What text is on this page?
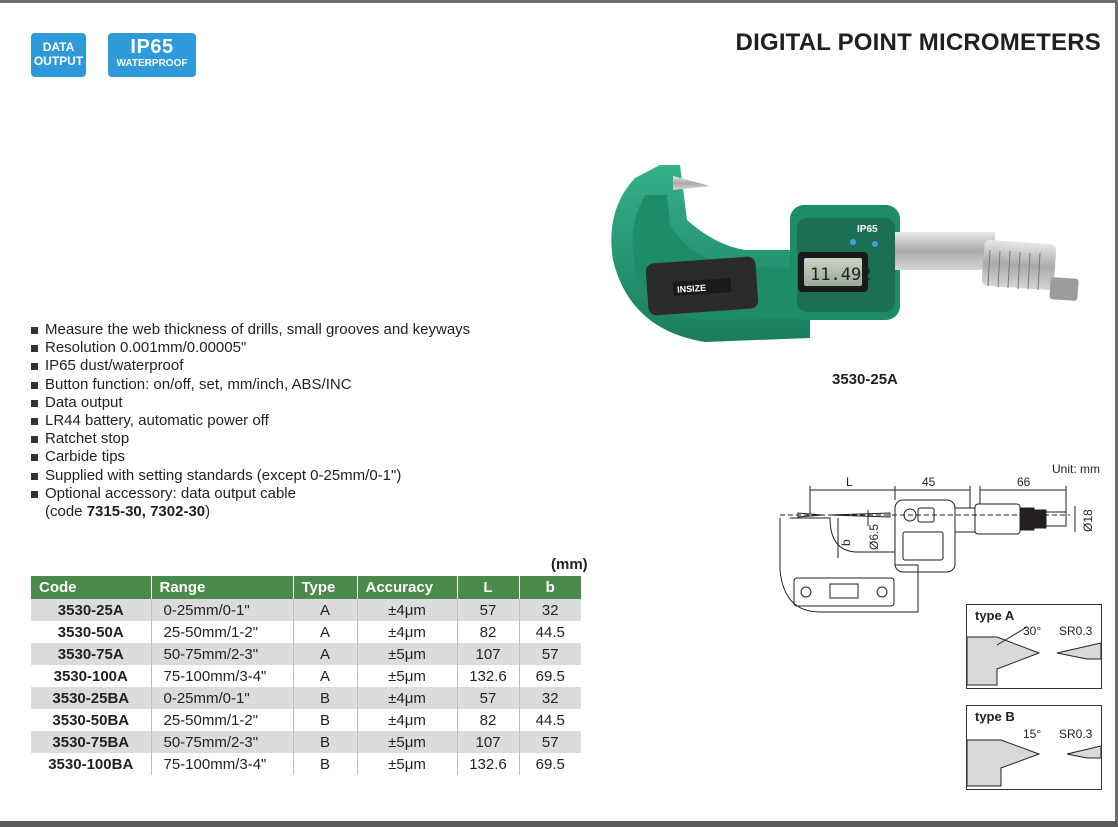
DATA
OUTPUT
IP65
WATERPROOF
DIGITAL POINT MICROMETERS
INSIZE
11.492
IP65
3530-25A
Measure the web thickness of drills, small grooves and keyways
Resolution 0.001mm/0.00005"
IP65 dust/waterproof
Button function: on/off, set, mm/inch, ABS/INC
Data output
LR44 battery, automatic power off
Ratchet stop
Carbide tips
Supplied with setting standards (except 0-25mm/0-1")
Optional accessory: data output cable
(code 7315-30, 7302-30)
Unit: mm
L	45	66
Ø18
Ø6.5
b
type A
30° SR0.3
type B
15° SR0.3
(mm)
Code	Range	Type	Accuracy	L	b
3530-25A	0-25mm/0-1"	A	±4μm	57	32
3530-50A	25-50mm/1-2"	A	±4μm	82	44.5
3530-75A	50-75mm/2-3"	A	±5μm	107	57
3530-100A	75-100mm/3-4"	A	±5μm	132.6	69.5
3530-25BA	0-25mm/0-1"	B	±4μm	57	32
3530-50BA	25-50mm/1-2"	B	±4μm	82	44.5
3530-75BA	50-75mm/2-3"	B	±5μm	107	57
3530-100BA	75-100mm/3-4"	B	±5μm	132.6	69.5
